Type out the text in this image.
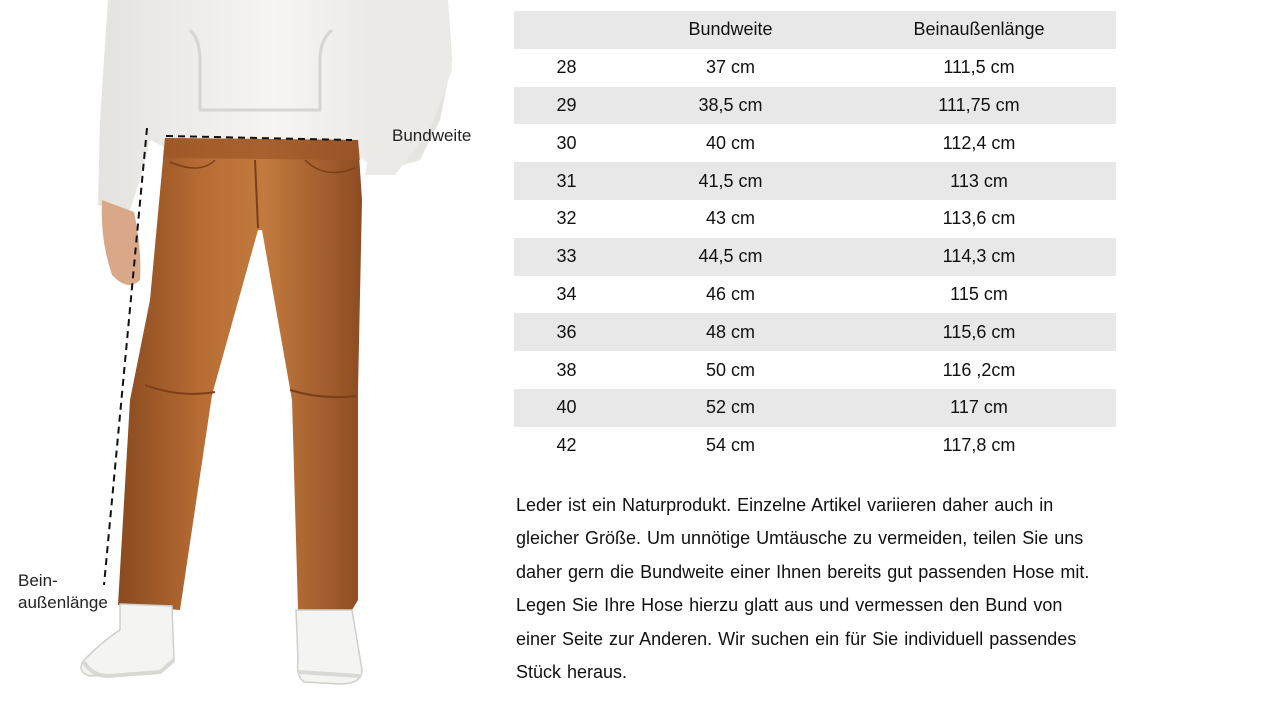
Bundweite
Bein-
außenlänge
	Bundweite	Beinaußenlänge
28	37 cm	111,5 cm
29	38,5 cm	111,75 cm
30	40 cm	112,4 cm
31	41,5 cm	113 cm
32	43 cm	113,6 cm
33	44,5 cm	114,3 cm
34	46 cm	115 cm
36	48 cm	115,6 cm
38	50 cm	116 ,2cm
40	52 cm	117 cm
42	54 cm	117,8 cm
Leder ist ein Naturprodukt. Einzelne Artikel variieren daher auch in
gleicher Größe. Um unnötige Umtäusche zu vermeiden, teilen Sie uns
daher gern die Bundweite einer Ihnen bereits gut passenden Hose mit.
Legen Sie Ihre Hose hierzu glatt aus und vermessen den Bund von
einer Seite zur Anderen. Wir suchen ein für Sie individuell passendes
Stück heraus.
